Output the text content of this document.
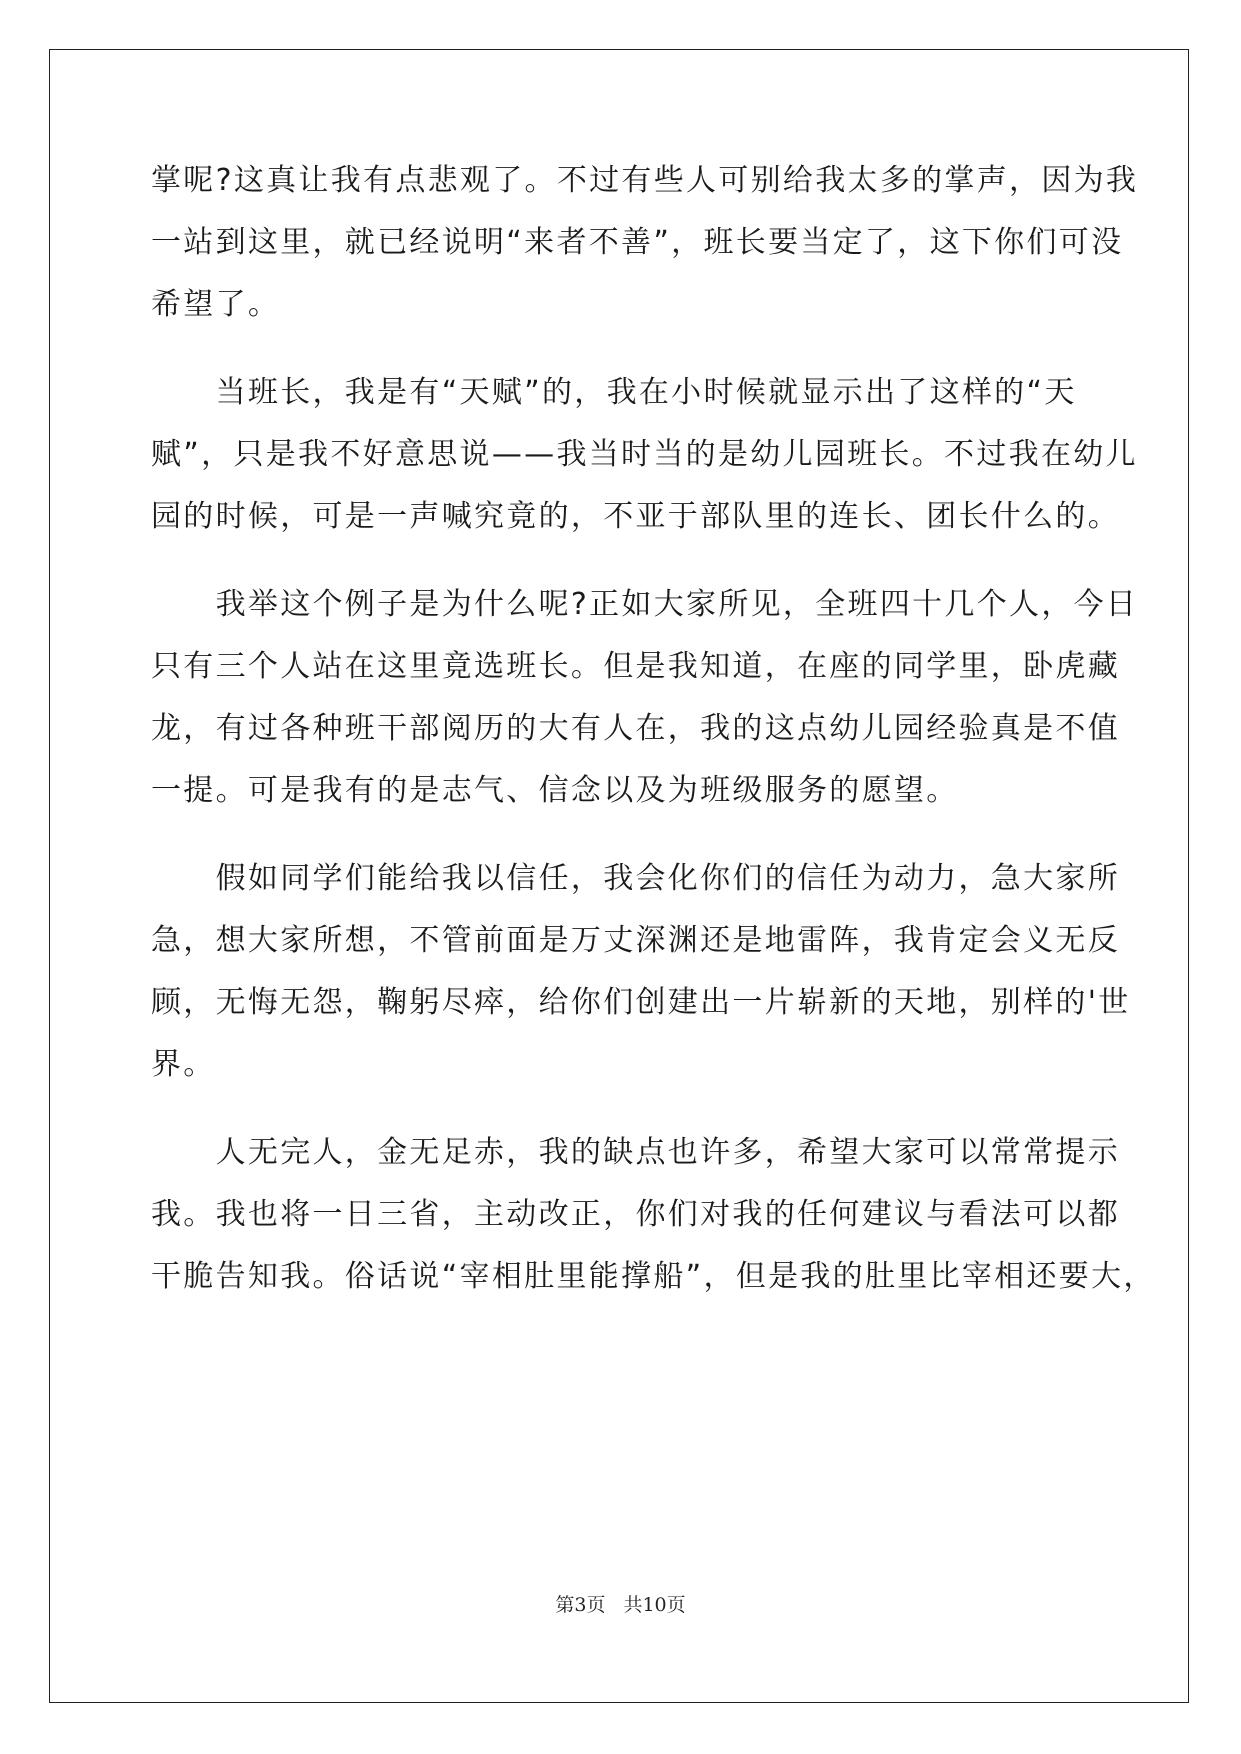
掌呢?这真让我有点悲观了。不过有些人可别给我太多的掌声，因为我
一站到这里，就已经说明“来者不善”，班长要当定了，这下你们可没
希望了。
　　当班长，我是有“天赋”的，我在小时候就显示出了这样的“天
赋”，只是我不好意思说——我当时当的是幼儿园班长。不过我在幼儿
园的时候，可是一声喊究竟的，不亚于部队里的连长、团长什么的。
　　我举这个例子是为什么呢?正如大家所见，全班四十几个人，今日
只有三个人站在这里竟选班长。但是我知道，在座的同学里，卧虎藏
龙，有过各种班干部阅历的大有人在，我的这点幼儿园经验真是不值
一提。可是我有的是志气、信念以及为班级服务的愿望。
　　假如同学们能给我以信任，我会化你们的信任为动力，急大家所
急，想大家所想，不管前面是万丈深渊还是地雷阵，我肯定会义无反
顾，无悔无怨，鞠躬尽瘁，给你们创建出一片崭新的天地，别样的'世
界。
　　人无完人，金无足赤，我的缺点也许多，希望大家可以常常提示
我。我也将一日三省，主动改正，你们对我的任何建议与看法可以都
干脆告知我。俗话说“宰相肚里能撑船”，但是我的肚里比宰相还要大，
第3页 共10页
